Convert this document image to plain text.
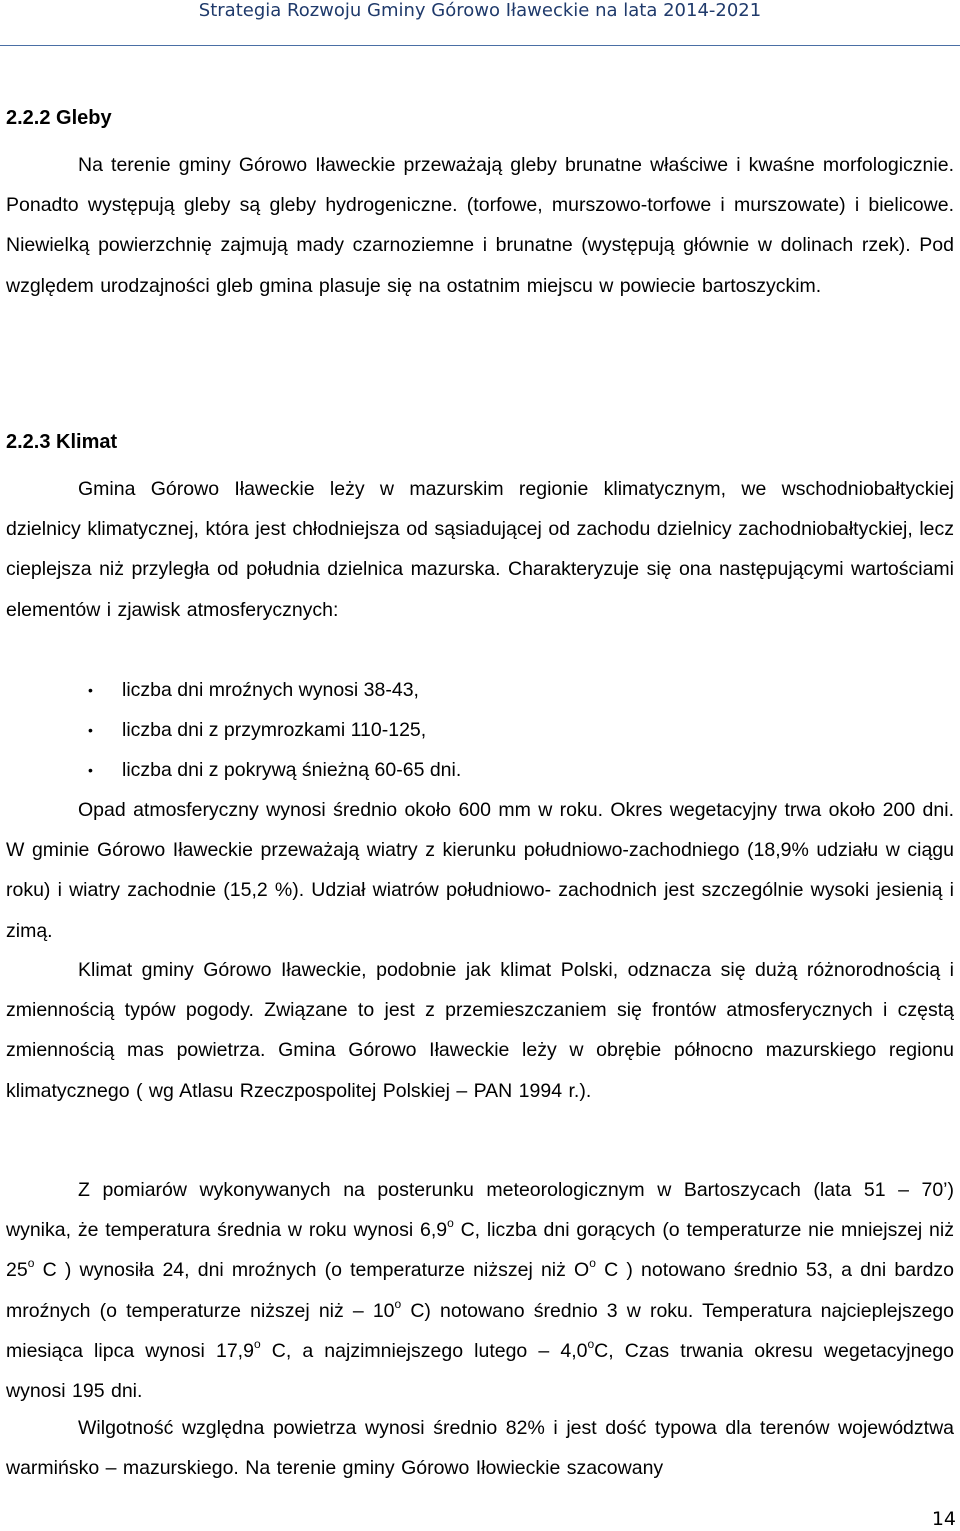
Strategia Rozwoju Gminy Górowo Iławeckie na lata 2014-2021
2.2.2 Gleby

Na terenie gminy Górowo Iławeckie przeważają gleby brunatne właściwe i kwaśne morfologicznie. Ponadto występują gleby są gleby hydrogeniczne. (torfowe, murszowo-torfowe i murszowate) i bielicowe. Niewielką powierzchnię zajmują mady czarnoziemne i brunatne (występują głównie w dolinach rzek). Pod względem urodzajności gleb gmina plasuje się na ostatnim miejscu w powiecie bartoszyckim.

2.2.3 Klimat

Gmina Górowo Iławeckie leży w mazurskim regionie klimatycznym, we wschodniobałtyckiej dzielnicy klimatycznej, która jest chłodniejsza od sąsiadującej od zachodu dzielnicy zachodniobałtyckiej, lecz cieplejsza niż przyległa od południa dzielnica mazurska. Charakteryzuje się ona następującymi wartościami elementów i zjawisk atmosferycznych:

• liczba dni mroźnych wynosi 38-43,
• liczba dni z przymrozkami 110-125,
• liczba dni z pokrywą śnieżną 60-65 dni.

Opad atmosferyczny wynosi średnio około 600 mm w roku. Okres wegetacyjny trwa około 200 dni. W gminie Górowo Iławeckie przeważają wiatry z kierunku południowo-zachodniego (18,9% udziału w ciągu roku) i wiatry zachodnie (15,2 %). Udział wiatrów południowo- zachodnich jest szczególnie wysoki jesienią i zimą.

Klimat gminy Górowo Iławeckie, podobnie jak klimat Polski, odznacza się dużą różnorodnością i zmiennością typów pogody. Związane to jest z przemieszczaniem się frontów atmosferycznych i częstą zmiennością mas powietrza. Gmina Górowo Iławeckie leży w obrębie północno mazurskiego regionu klimatycznego ( wg Atlasu Rzeczpospolitej Polskiej – PAN 1994 r.).

Z pomiarów wykonywanych na posterunku meteorologicznym w Bartoszycach (lata 51 – 70’) wynika, że temperatura średnia w roku wynosi 6,9$^o$ C, liczba dni gorących (o temperaturze nie mniejszej niż 25$^o$ C ) wynosiła 24, dni mroźnych (o temperaturze niższej niż $O^o$ C ) notowano średnio 53, a dni bardzo mroźnych (o temperaturze niższej niż – 10$^o$ C) notowano średnio 3 w roku. Temperatura najcieplejszego miesiąca lipca wynosi 17,9$^o$ C, a najzimniejszego lutego – 4,0$^o$C, Czas trwania okresu wegetacyjnego wynosi 195 dni.

Wilgotność względna powietrza wynosi średnio 82% i jest dość typowa dla terenów województwa warmińsko – mazurskiego. Na terenie gminy Górowo Iłowieckie szacowany

14
